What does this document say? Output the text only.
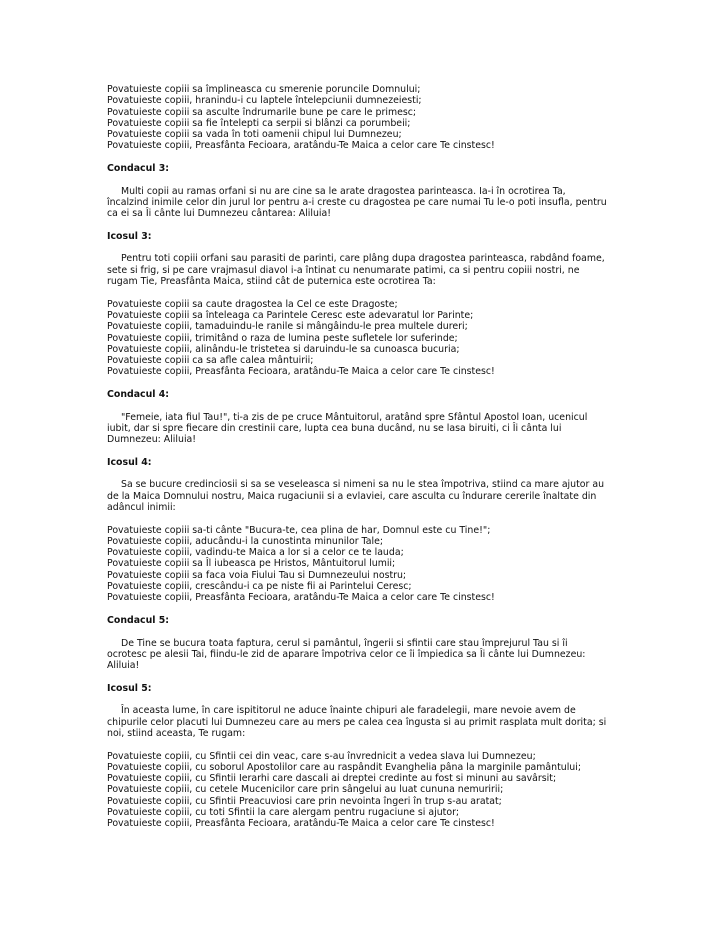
Povatuieste copiii sa împlineasca cu smerenie poruncile Domnului;
Povatuieste copiii, hranindu-i cu laptele întelepciunii dumnezeiesti;
Povatuieste copiii sa asculte îndrumarile bune pe care le primesc;
Povatuieste copiii sa fie întelepti ca serpii si blânzi ca porumbeii;
Povatuieste copiii sa vada în toti oamenii chipul lui Dumnezeu;
Povatuieste copiii, Preasfânta Fecioara, aratându-Te Maica a celor care Te cinstesc!

Condacul 3:

Multi copii au ramas orfani si nu are cine sa le arate dragostea parinteasca. Ia-i în ocrotirea Ta,
încalzind inimile celor din jurul lor pentru a-i creste cu dragostea pe care numai Tu le-o poti insufla, pentru
ca ei sa Îi cânte lui Dumnezeu cântarea: Aliluia!

Icosul 3:

Pentru toti copiii orfani sau parasiti de parinti, care plâng dupa dragostea parinteasca, rabdând foame,
sete si frig, si pe care vrajmasul diavol i-a întinat cu nenumarate patimi, ca si pentru copiii nostri, ne
rugam Tie, Preasfânta Maica, stiind cât de puternica este ocrotirea Ta:

Povatuieste copiii sa caute dragostea la Cel ce este Dragoste;
Povatuieste copiii sa înteleaga ca Parintele Ceresc este adevaratul lor Parinte;
Povatuieste copiii, tamaduindu-le ranile si mângâindu-le prea multele dureri;
Povatuieste copiii, trimitând o raza de lumina peste sufletele lor suferinde;
Povatuieste copiii, alinându-le tristetea si daruindu-le sa cunoasca bucuria;
Povatuieste copiii ca sa afle calea mântuirii;
Povatuieste copiii, Preasfânta Fecioara, aratându-Te Maica a celor care Te cinstesc!

Condacul 4:

"Femeie, iata fiul Tau!", ti-a zis de pe cruce Mântuitorul, aratând spre Sfântul Apostol Ioan, ucenicul
iubit, dar si spre fiecare din crestinii care, lupta cea buna ducând, nu se lasa biruiti, ci Îi cânta lui
Dumnezeu: Aliluia!

Icosul 4:

Sa se bucure credinciosii si sa se veseleasca si nimeni sa nu le stea împotriva, stiind ca mare ajutor au
de la Maica Domnului nostru, Maica rugaciunii si a evlaviei, care asculta cu îndurare cererile înaltate din
adâncul inimii:

Povatuieste copiii sa-ti cânte "Bucura-te, cea plina de har, Domnul este cu Tine!";
Povatuieste copiii, aducându-i la cunostinta minunilor Tale;
Povatuieste copiii, vadindu-te Maica a lor si a celor ce te lauda;
Povatuieste copiii sa Îl iubeasca pe Hristos, Mântuitorul lumii;
Povatuieste copiii sa faca voia Fiului Tau si Dumnezeului nostru;
Povatuieste copiii, crescându-i ca pe niste fii ai Parintelui Ceresc;
Povatuieste copiii, Preasfânta Fecioara, aratându-Te Maica a celor care Te cinstesc!

Condacul 5:

De Tine se bucura toata faptura, cerul si pamântul, îngerii si sfintii care stau împrejurul Tau si îi
ocrotesc pe alesii Tai, fiindu-le zid de aparare împotriva celor ce îi împiedica sa Îi cânte lui Dumnezeu:
Aliluia!

Icosul 5:

În aceasta lume, în care ispititorul ne aduce înainte chipuri ale faradelegii, mare nevoie avem de
chipurile celor placuti lui Dumnezeu care au mers pe calea cea îngusta si au primit rasplata mult dorita; si
noi, stiind aceasta, Te rugam:

Povatuieste copiii, cu Sfintii cei din veac, care s-au învrednicit a vedea slava lui Dumnezeu;
Povatuieste copiii, cu soborul Apostolilor care au raspândit Evanghelia pâna la marginile pamântului;
Povatuieste copiii, cu Sfintii Ierarhi care dascali ai dreptei credinte au fost si minuni au savârsit;
Povatuieste copiii, cu cetele Mucenicilor care prin sângelui au luat cununa nemuririi;
Povatuieste copiii, cu Sfintii Preacuviosi care prin nevointa îngeri în trup s-au aratat;
Povatuieste copiii, cu toti Sfintii la care alergam pentru rugaciune si ajutor;
Povatuieste copiii, Preasfânta Fecioara, aratându-Te Maica a celor care Te cinstesc!
